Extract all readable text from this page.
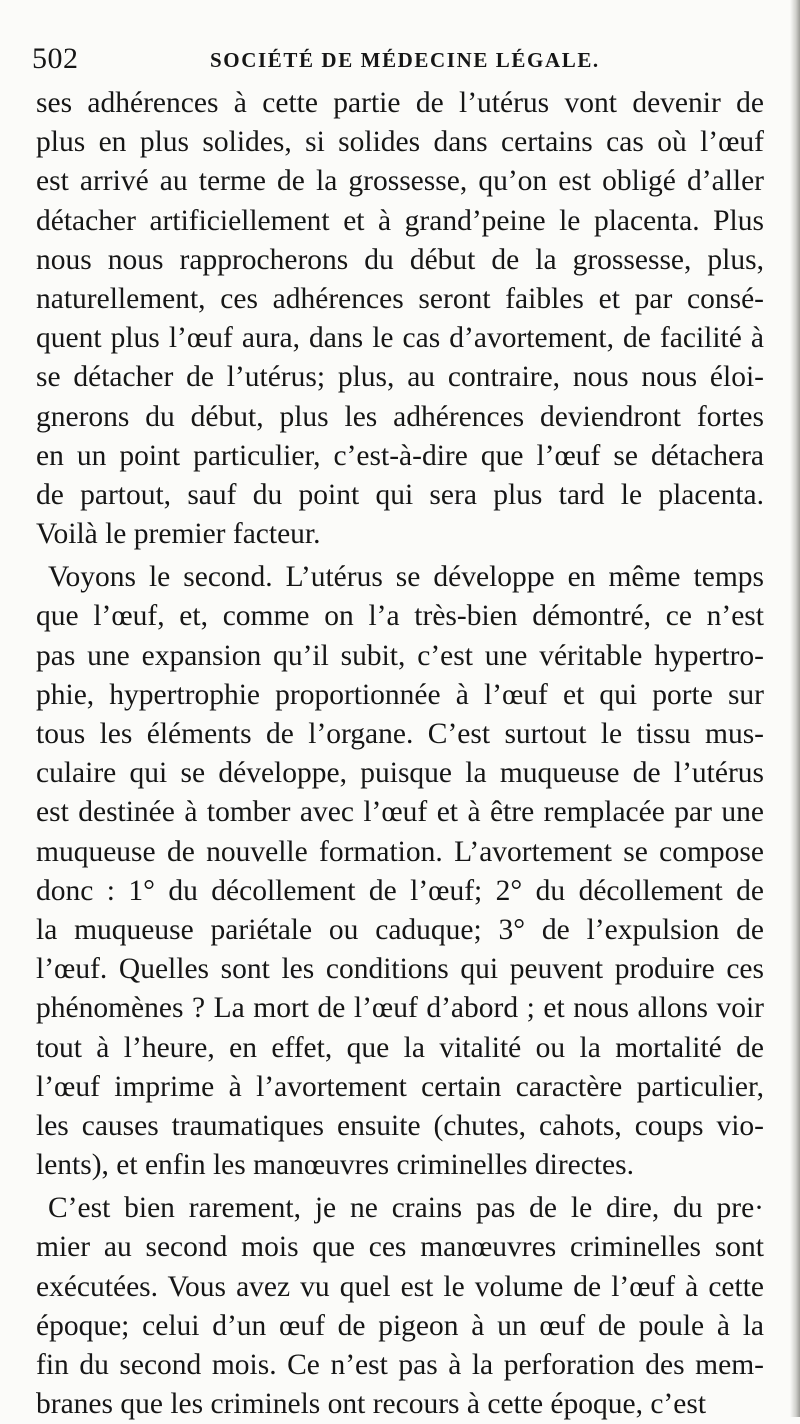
502	SOCIÉTÉ DE MÉDECINE LÉGALE.
ses adhérences à cette partie de l’utérus vont devenir de
plus en plus solides, si solides dans certains cas où l’œuf
est arrivé au terme de la grossesse, qu’on est obligé d’aller
détacher artificiellement et à grand’peine le placenta. Plus
nous nous rapprocherons du début de la grossesse, plus,
naturellement, ces adhérences seront faibles et par consé-
quent plus l’œuf aura, dans le cas d’avortement, de facilité à
se détacher de l’utérus; plus, au contraire, nous nous éloi-
gnerons du début, plus les adhérences deviendront fortes
en un point particulier, c’est-à-dire que l’œuf se détachera
de partout, sauf du point qui sera plus tard le placenta.
Voilà le premier facteur.
Voyons le second. L’utérus se développe en même temps
que l’œuf, et, comme on l’a très-bien démontré, ce n’est
pas une expansion qu’il subit, c’est une véritable hypertro-
phie, hypertrophie proportionnée à l’œuf et qui porte sur
tous les éléments de l’organe. C’est surtout le tissu mus-
culaire qui se développe, puisque la muqueuse de l’utérus
est destinée à tomber avec l’œuf et à être remplacée par une
muqueuse de nouvelle formation. L’avortement se compose
donc : 1° du décollement de l’œuf; 2° du décollement de
la muqueuse pariétale ou caduque; 3° de l’expulsion de
l’œuf. Quelles sont les conditions qui peuvent produire ces
phénomènes ? La mort de l’œuf d’abord ; et nous allons voir
tout à l’heure, en effet, que la vitalité ou la mortalité de
l’œuf imprime à l’avortement certain caractère particulier,
les causes traumatiques ensuite (chutes, cahots, coups vio-
lents), et enfin les manœuvres criminelles directes.
C’est bien rarement, je ne crains pas de le dire, du pre·
mier au second mois que ces manœuvres criminelles sont
exécutées. Vous avez vu quel est le volume de l’œuf à cette
époque; celui d’un œuf de pigeon à un œuf de poule à la
fin du second mois. Ce n’est pas à la perforation des mem-
branes que les criminels ont recours à cette époque, c’est
